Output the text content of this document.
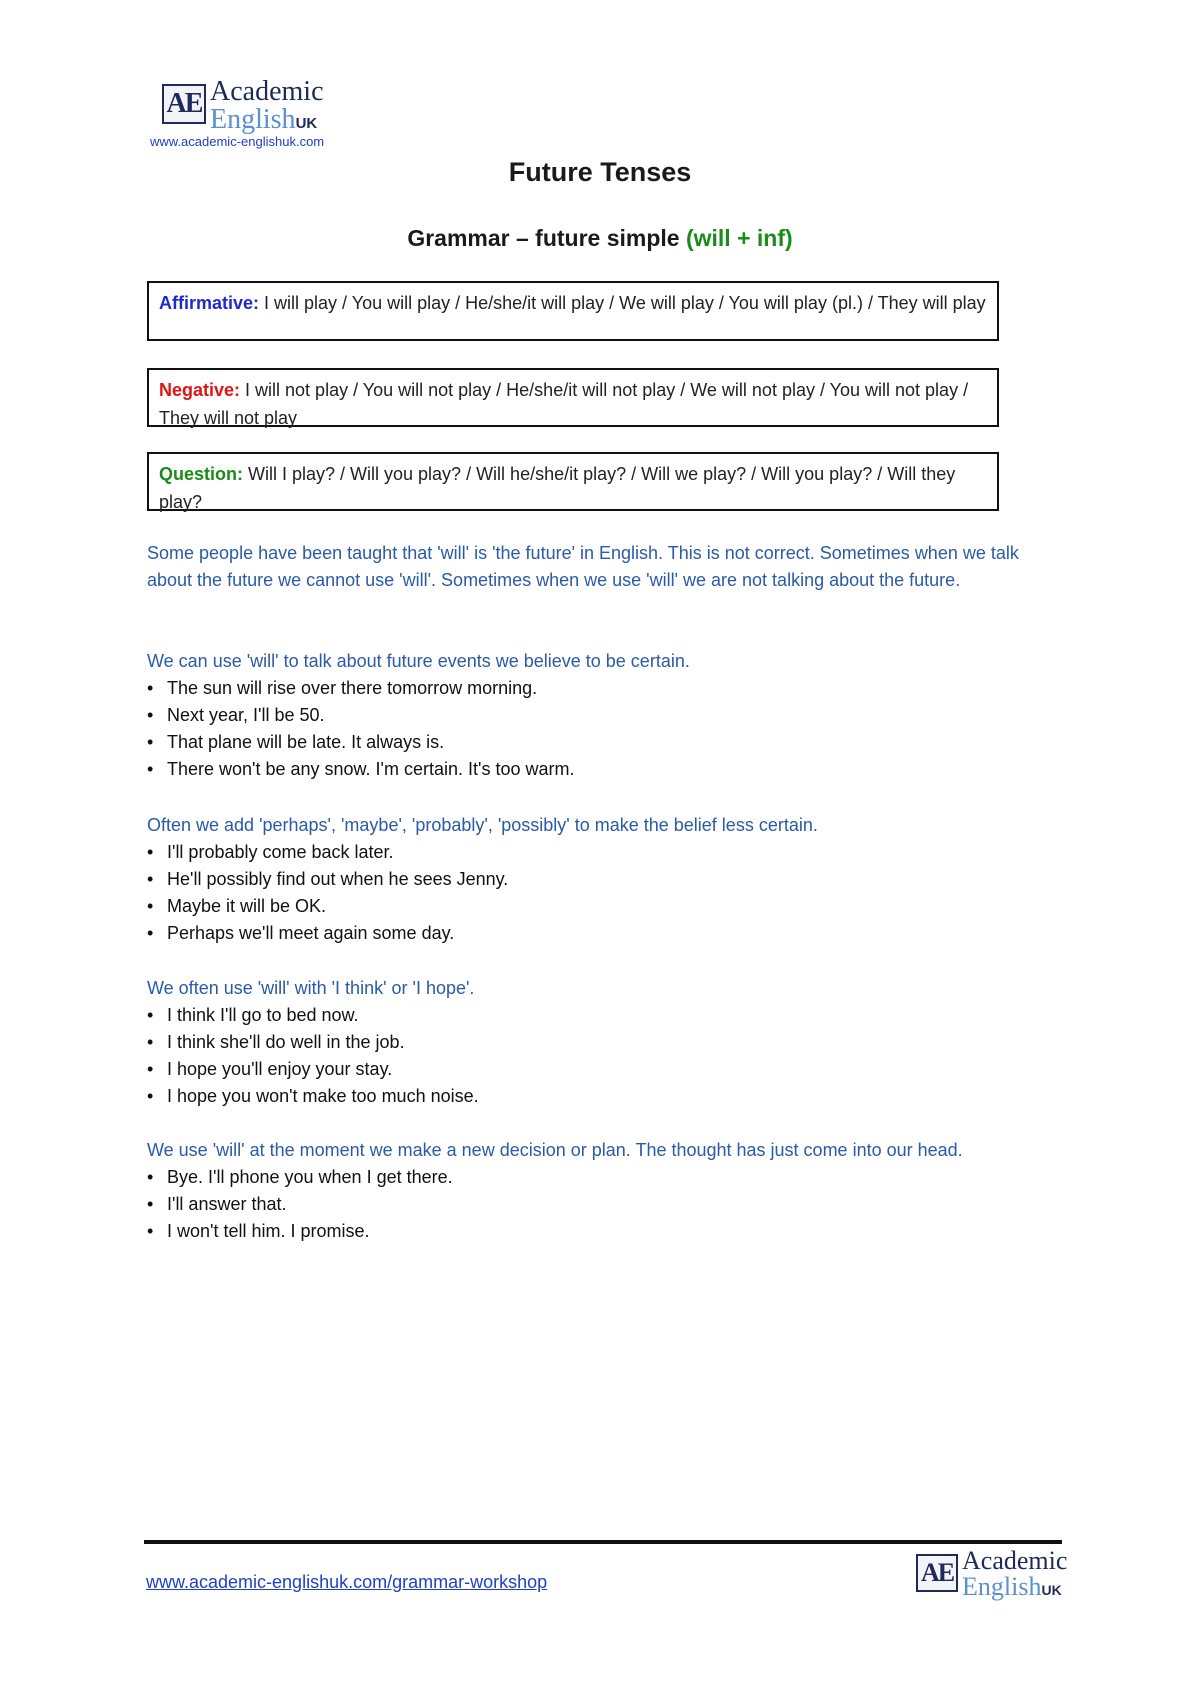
AE Academic
EnglishUK
www.academic-englishuk.com
Future Tenses
Grammar – future simple (will + inf)
Affirmative: I will play / You will play / He/she/it will play / We will play / You will play (pl.) / They will play
Negative: I will not play / You will not play / He/she/it will not play / We will not play / You will not play / They will not play
Question: Will I play? / Will you play? / Will he/she/it play? / Will we play? / Will you play? / Will they play?

Some people have been taught that 'will' is 'the future' in English. This is not correct. Sometimes when we talk about the future we cannot use 'will'. Sometimes when we use 'will' we are not talking about the future.

We can use 'will' to talk about future events we believe to be certain.

• The sun will rise over there tomorrow morning.
• Next year, I'll be 50.
• That plane will be late. It always is.
• There won't be any snow. I'm certain. It's too warm.

Often we add 'perhaps', 'maybe', 'probably', 'possibly' to make the belief less certain.

• I'll probably come back later.
• He'll possibly find out when he sees Jenny.
• Maybe it will be OK.
• Perhaps we'll meet again some day.

We often use 'will' with 'I think' or 'I hope'.

• I think I'll go to bed now.
• I think she'll do well in the job.
• I hope you'll enjoy your stay.
• I hope you won't make too much noise.

We use 'will' at the moment we make a new decision or plan. The thought has just come into our head.

• Bye. I'll phone you when I get there.
• I'll answer that.
• I won't tell him. I promise.
www.academic-englishuk.com/grammar-workshop	AE Academic
EnglishUK
